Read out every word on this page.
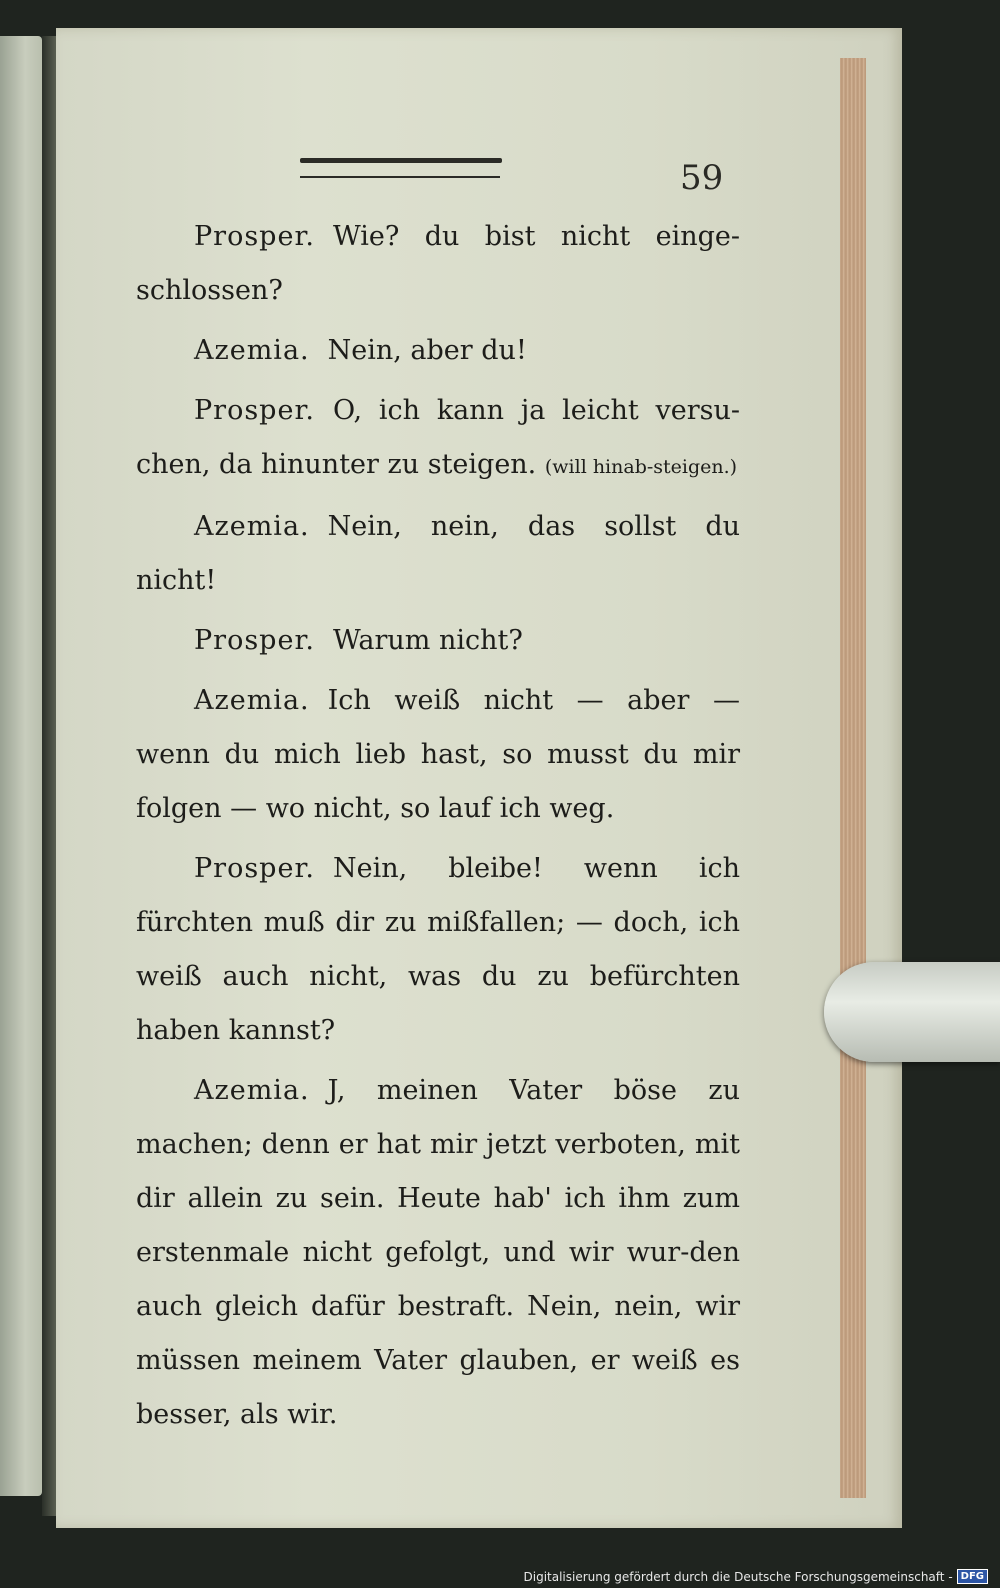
59

Prosper. Wie? du bist nicht einge-schlossen?

Azemia. Nein, aber du!

Prosper. O, ich kann ja leicht versu-chen, da hinunter zu steigen. (will hinab-steigen.)

Azemia. Nein, nein, das sollst du nicht!

Prosper. Warum nicht?

Azemia. Ich weiß nicht — aber — wenn du mich lieb hast, so musst du mir folgen — wo nicht, so lauf ich weg.

Prosper. Nein, bleibe! wenn ich fürchten muß dir zu mißfallen; — doch, ich weiß auch nicht, was du zu befürchten haben kannst?

Azemia. J, meinen Vater böse zu machen; denn er hat mir jetzt verboten, mit dir allein zu sein. Heute hab' ich ihm zum erstenmale nicht gefolgt, und wir wur-den auch gleich dafür bestraft. Nein, nein, wir müssen meinem Vater glauben, er weiß es besser, als wir.

Digitalisierung gefördert durch die Deutsche Forschungsgemeinschaft - DFG
